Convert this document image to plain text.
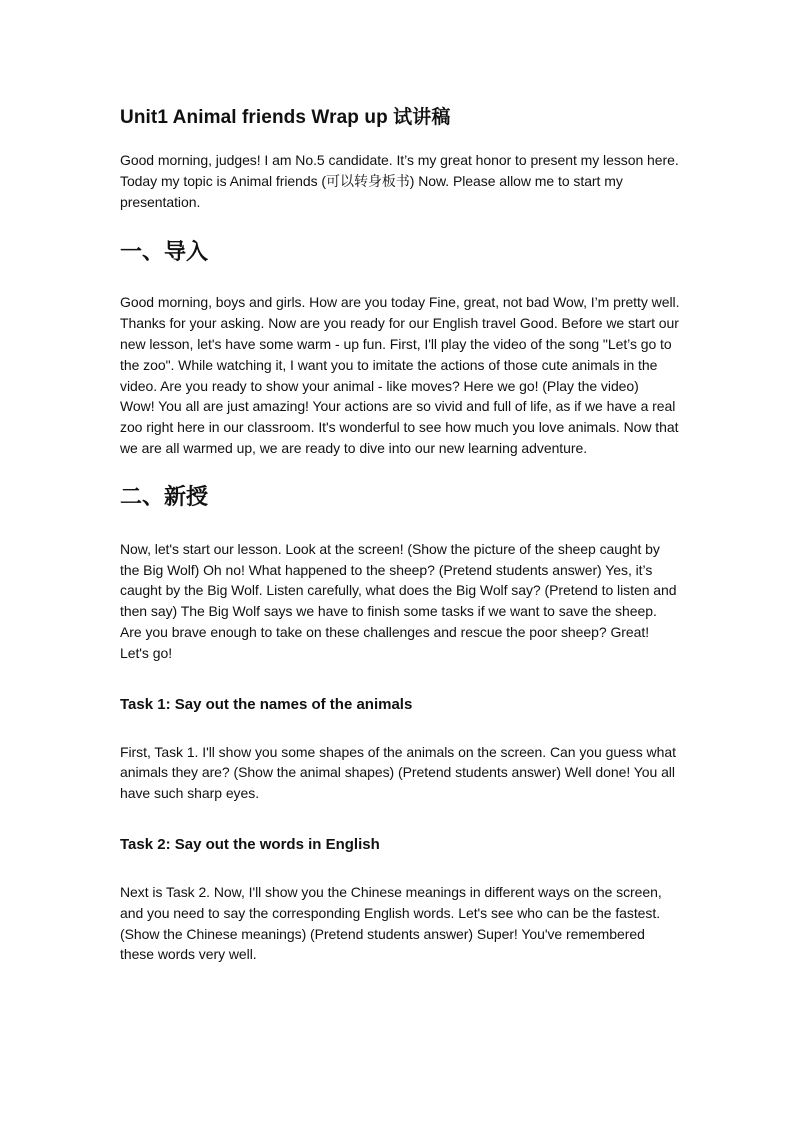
Unit1 Animal friends Wrap up 试讲稿

Good morning, judges! I am No.5 candidate. It’s my great honor to present my lesson here. Today my topic is Animal friends (可以转身板书) Now. Please allow me to start my presentation.

一、导入

Good morning, boys and girls. How are you today Fine, great, not bad Wow, I’m pretty well. Thanks for your asking. Now are you ready for our English travel Good. Before we start our new lesson, let's have some warm - up fun. First, I'll play the video of the song "Let’s go to the zoo". While watching it, I want you to imitate the actions of those cute animals in the video. Are you ready to show your animal - like moves? Here we go! (Play the video)

Wow! You all are just amazing! Your actions are so vivid and full of life, as if we have a real zoo right here in our classroom. It's wonderful to see how much you love animals. Now that we are all warmed up, we are ready to dive into our new learning adventure.

二、新授

Now, let's start our lesson. Look at the screen! (Show the picture of the sheep caught by the Big Wolf) Oh no! What happened to the sheep? (Pretend students answer) Yes, it’s caught by the Big Wolf. Listen carefully, what does the Big Wolf say? (Pretend to listen and then say) The Big Wolf says we have to finish some tasks if we want to save the sheep. Are you brave enough to take on these challenges and rescue the poor sheep? Great! Let's go!

Task 1: Say out the names of the animals

First, Task 1. I'll show you some shapes of the animals on the screen. Can you guess what animals they are? (Show the animal shapes) (Pretend students answer) Well done! You all have such sharp eyes.

Task 2: Say out the words in English

Next is Task 2. Now, I'll show you the Chinese meanings in different ways on the screen, and you need to say the corresponding English words. Let's see who can be the fastest. (Show the Chinese meanings) (Pretend students answer) Super! You've remembered these words very well.
